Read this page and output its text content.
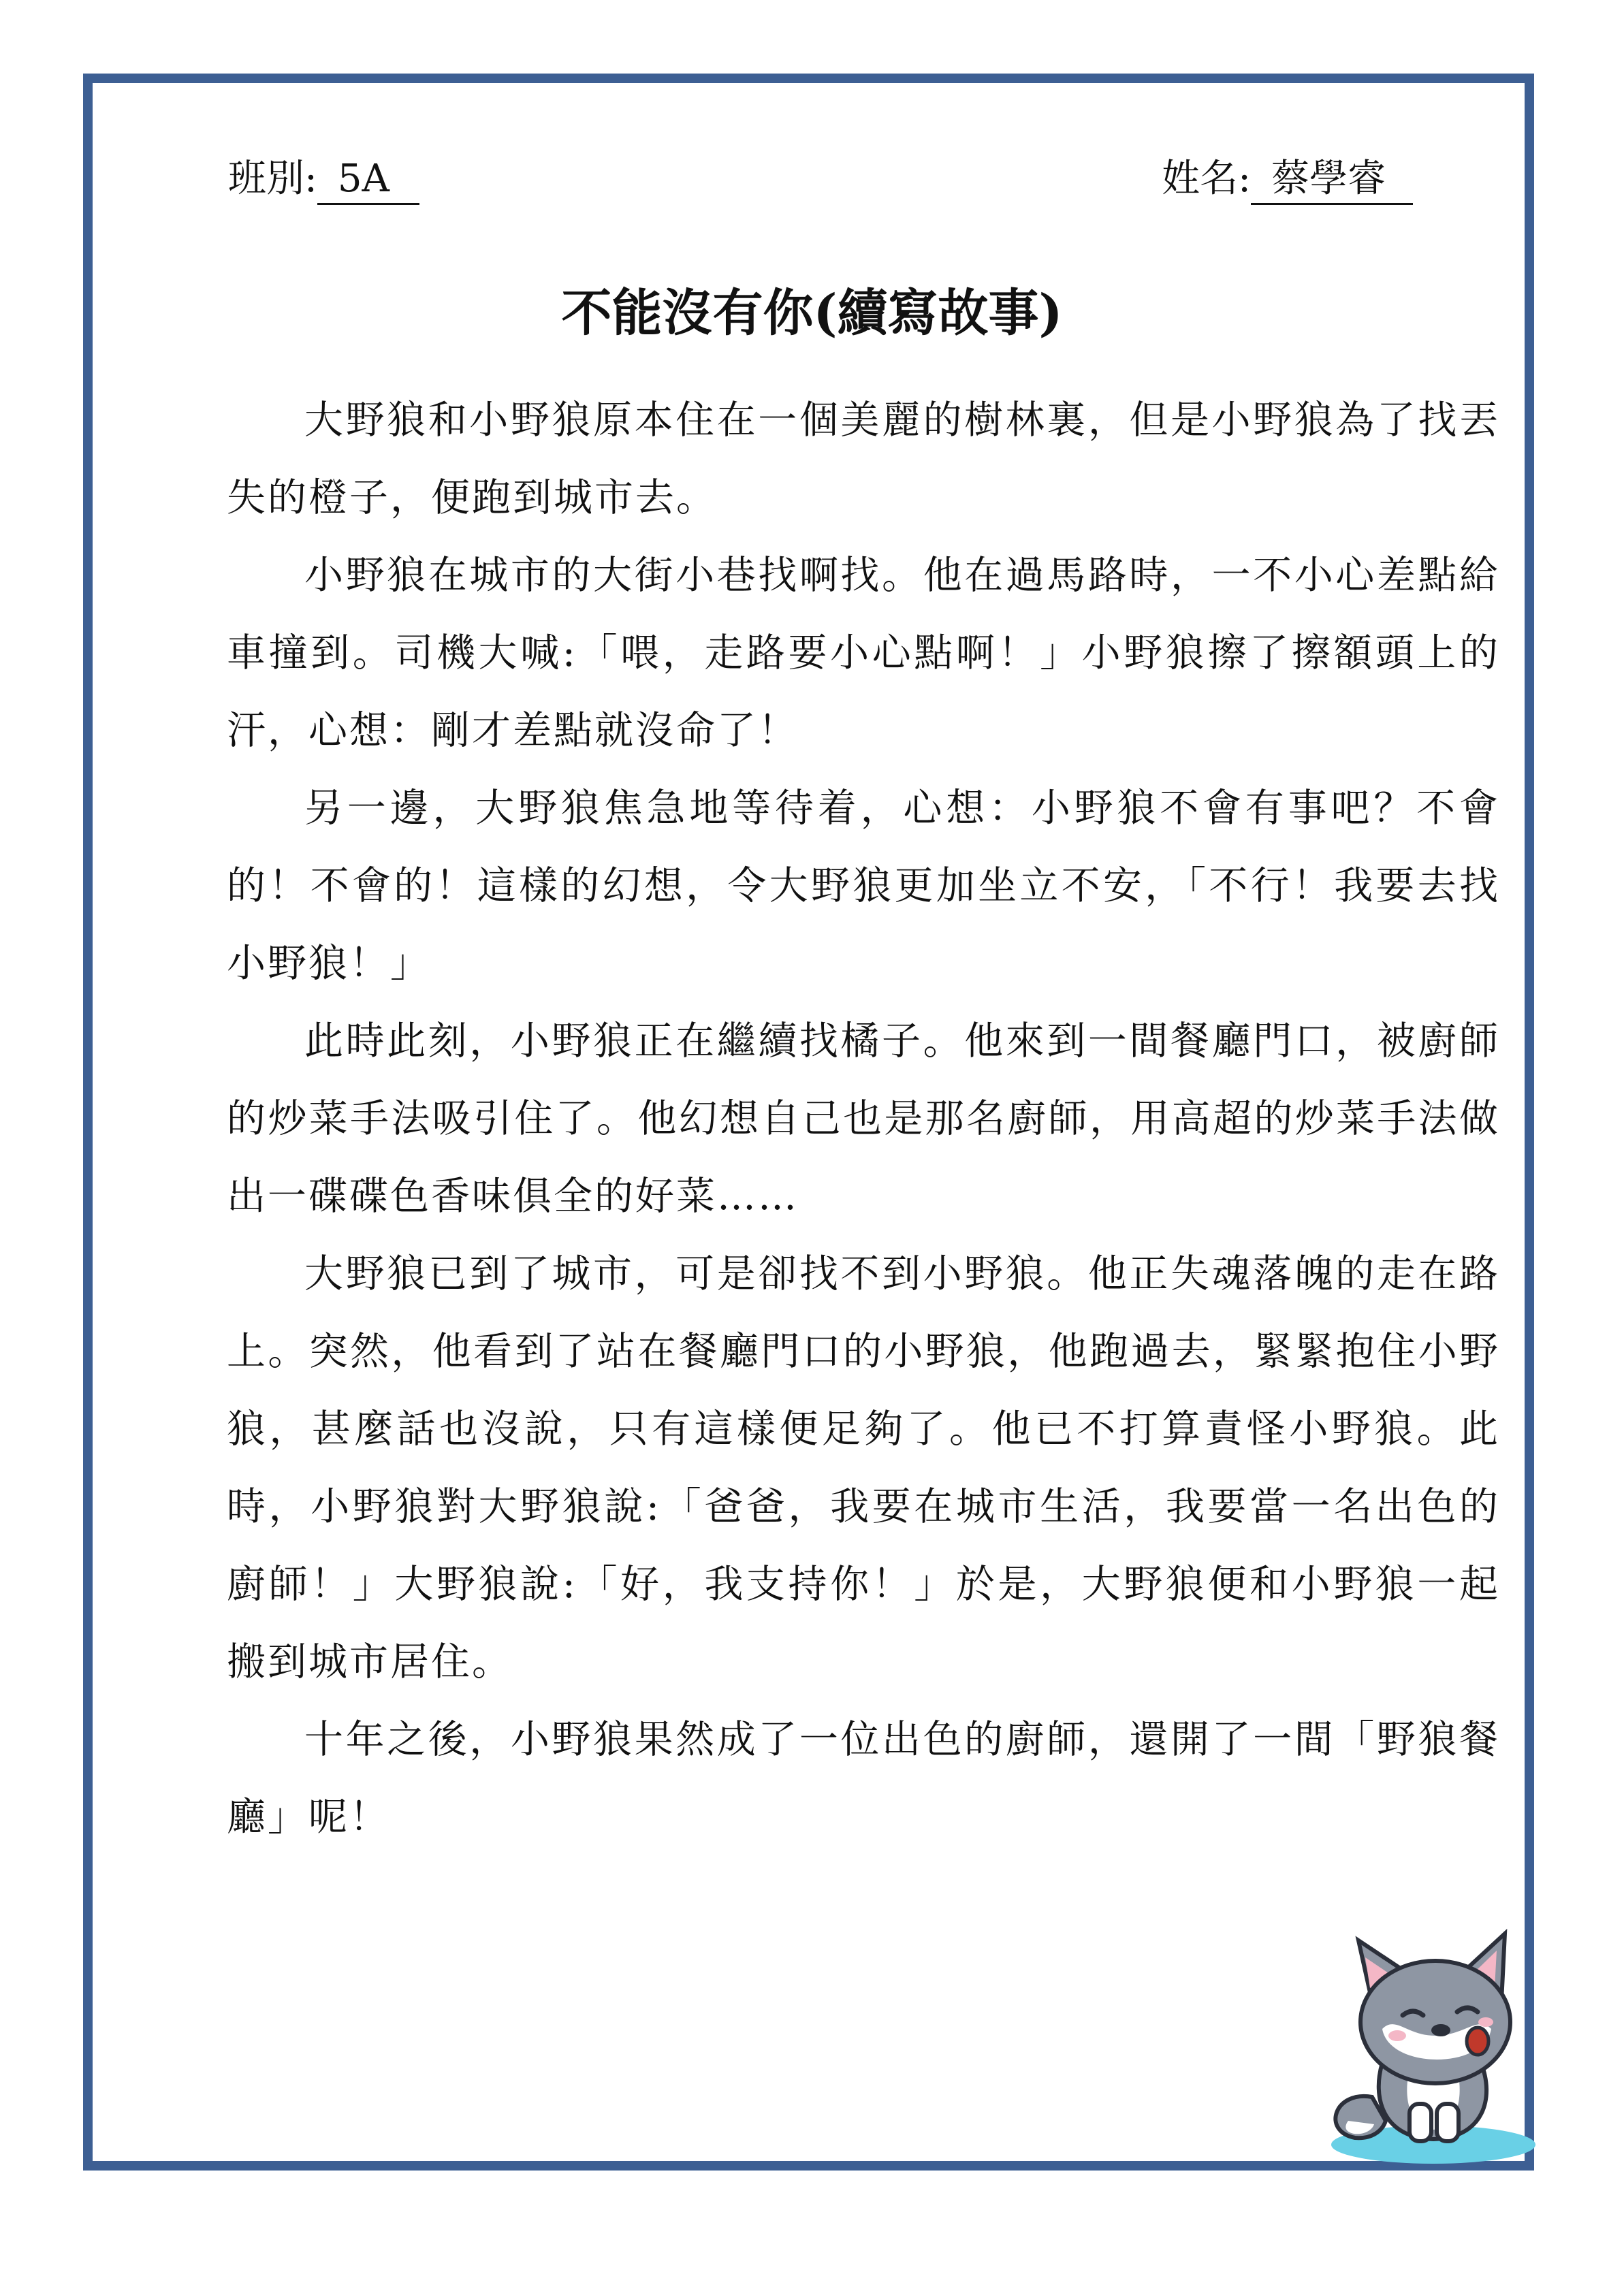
班別: 5A	姓名: 蔡學睿
不能沒有你(續寫故事)

大野狼和小野狼原本住在一個美麗的樹林裏，但是小野狼為了找丟失的橙子，便跑到城市去。

小野狼在城市的大街小巷找啊找。他在過馬路時，一不小心差點給車撞到。司機大喊:「喂，走路要小心點啊！」小野狼擦了擦額頭上的汗，心想：剛才差點就沒命了！

另一邊，大野狼焦急地等待着，心想：小野狼不會有事吧？不會的！不會的！這樣的幻想，令大野狼更加坐立不安，「不行！我要去找小野狼！」

此時此刻，小野狼正在繼續找橘子。他來到一間餐廳門口，被廚師的炒菜手法吸引住了。他幻想自己也是那名廚師，用高超的炒菜手法做出一碟碟色香味俱全的好菜……

大野狼已到了城市，可是卻找不到小野狼。他正失魂落魄的走在路上。突然，他看到了站在餐廳門口的小野狼，他跑過去，緊緊抱住小野狼，甚麼話也沒說，只有這樣便足夠了。他已不打算責怪小野狼。此時，小野狼對大野狼說:「爸爸，我要在城市生活，我要當一名出色的廚師！」大野狼說:「好，我支持你！」於是，大野狼便和小野狼一起搬到城市居住。

十年之後，小野狼果然成了一位出色的廚師，還開了一間「野狼餐廳」呢！
